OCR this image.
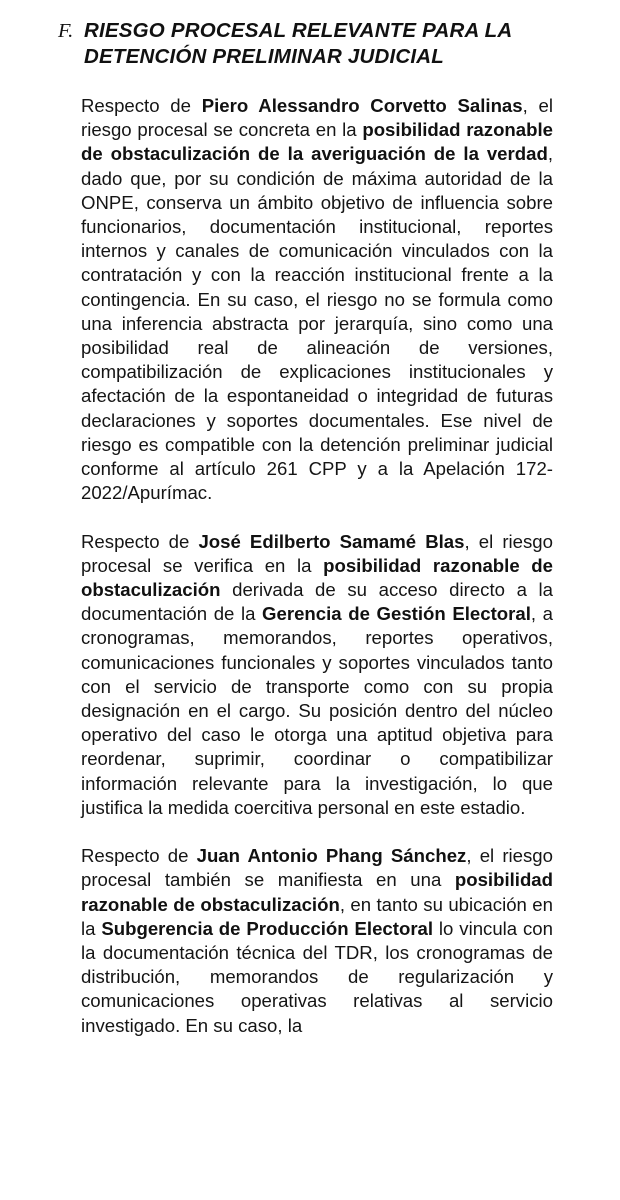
F. RIESGO PROCESAL RELEVANTE PARA LA
DETENCIÓN PRELIMINAR JUDICIAL

Respecto de Piero Alessandro Corvetto Salinas, el riesgo procesal se concreta en la posibilidad razonable de obstaculización de la averiguación de la verdad, dado que, por su condición de máxima autoridad de la ONPE, conserva un ámbito objetivo de influencia sobre funcionarios, documentación institucional, reportes internos y canales de comunicación vinculados con la contratación y con la reacción institucional frente a la contingencia. En su caso, el riesgo no se formula como una inferencia abstracta por jerarquía, sino como una posibilidad real de alineación de versiones, compatibilización de explicaciones institucionales y afectación de la espontaneidad o integridad de futuras declaraciones y soportes documentales. Ese nivel de riesgo es compatible con la detención preliminar judicial conforme al artículo 261 CPP y a la Apelación 172-2022/Apurímac.

Respecto de José Edilberto Samamé Blas, el riesgo procesal se verifica en la posibilidad razonable de obstaculización derivada de su acceso directo a la documentación de la Gerencia de Gestión Electoral, a cronogramas, memorandos, reportes operativos, comunicaciones funcionales y soportes vinculados tanto con el servicio de transporte como con su propia designación en el cargo. Su posición dentro del núcleo operativo del caso le otorga una aptitud objetiva para reordenar, suprimir, coordinar o compatibilizar información relevante para la investigación, lo que justifica la medida coercitiva personal en este estadio.

Respecto de Juan Antonio Phang Sánchez, el riesgo procesal también se manifiesta en una posibilidad razonable de obstaculización, en tanto su ubicación en la Subgerencia de Producción Electoral lo vincula con la documentación técnica del TDR, los cronogramas de distribución, memorandos de regularización y comunicaciones operativas relativas al servicio investigado. En su caso, la
